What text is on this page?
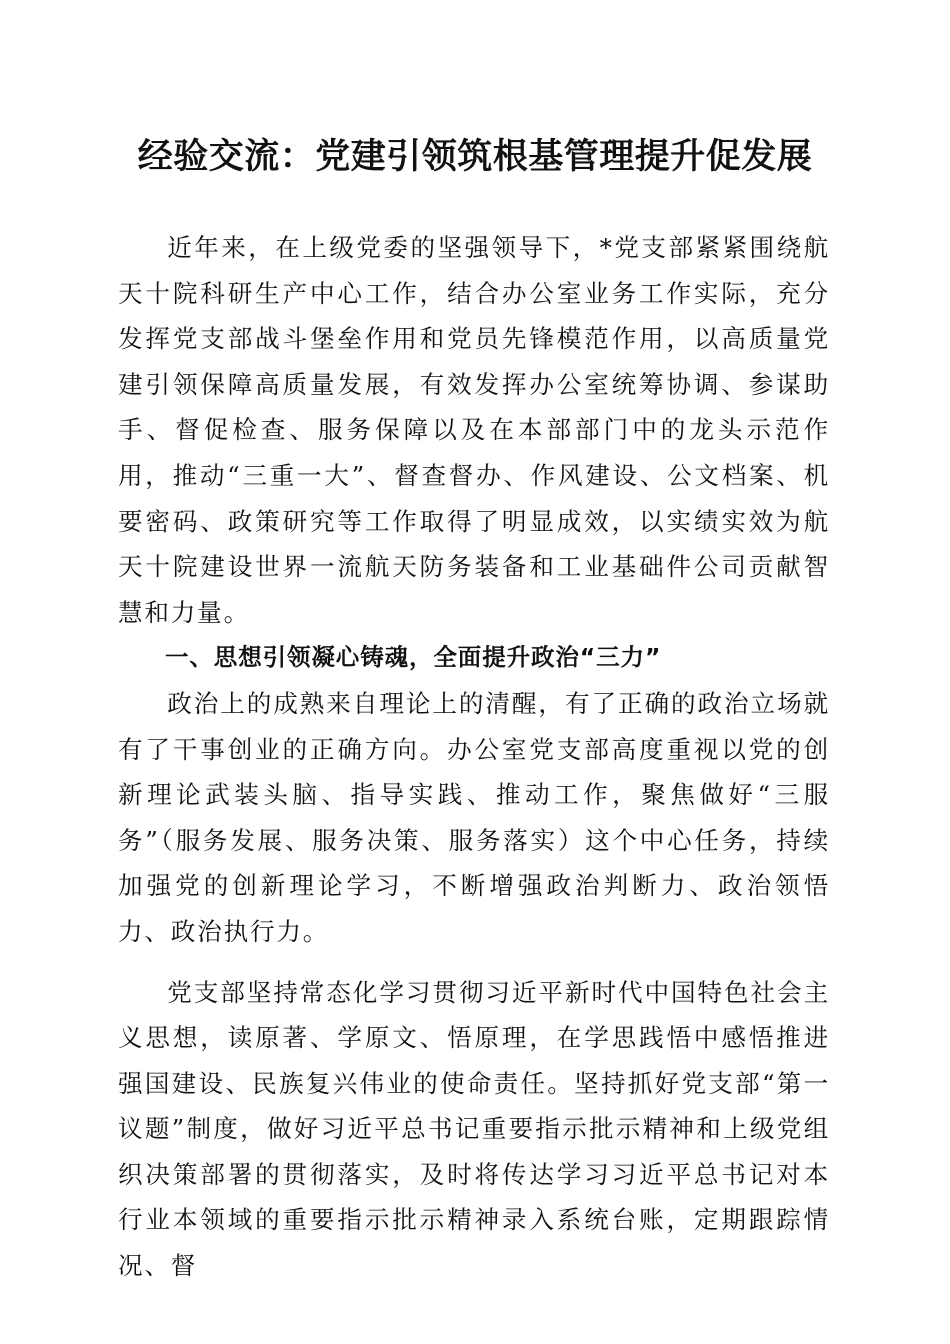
经验交流：党建引领筑根基管理提升促发展

近年来，在上级党委的坚强领导下，*党支部紧紧围绕航天十院科研生产中心工作，结合办公室业务工作实际，充分发挥党支部战斗堡垒作用和党员先锋模范作用，以高质量党建引领保障高质量发展，有效发挥办公室统筹协调、参谋助手、督促检查、服务保障以及在本部部门中的龙头示范作用，推动“三重一大”、督查督办、作风建设、公文档案、机要密码、政策研究等工作取得了明显成效，以实绩实效为航天十院建设世界一流航天防务装备和工业基础件公司贡献智慧和力量。

一、思想引领凝心铸魂，全面提升政治“三力”

政治上的成熟来自理论上的清醒，有了正确的政治立场就有了干事创业的正确方向。办公室党支部高度重视以党的创新理论武装头脑、指导实践、推动工作，聚焦做好“三服务”（服务发展、服务决策、服务落实）这个中心任务，持续加强党的创新理论学习，不断增强政治判断力、政治领悟力、政治执行力。

党支部坚持常态化学习贯彻习近平新时代中国特色社会主义思想，读原著、学原文、悟原理，在学思践悟中感悟推进强国建设、民族复兴伟业的使命责任。坚持抓好党支部“第一议题”制度，做好习近平总书记重要指示批示精神和上级党组织决策部署的贯彻落实，及时将传达学习习近平总书记对本行业本领域的重要指示批示精神录入系统台账，定期跟踪情况、督
